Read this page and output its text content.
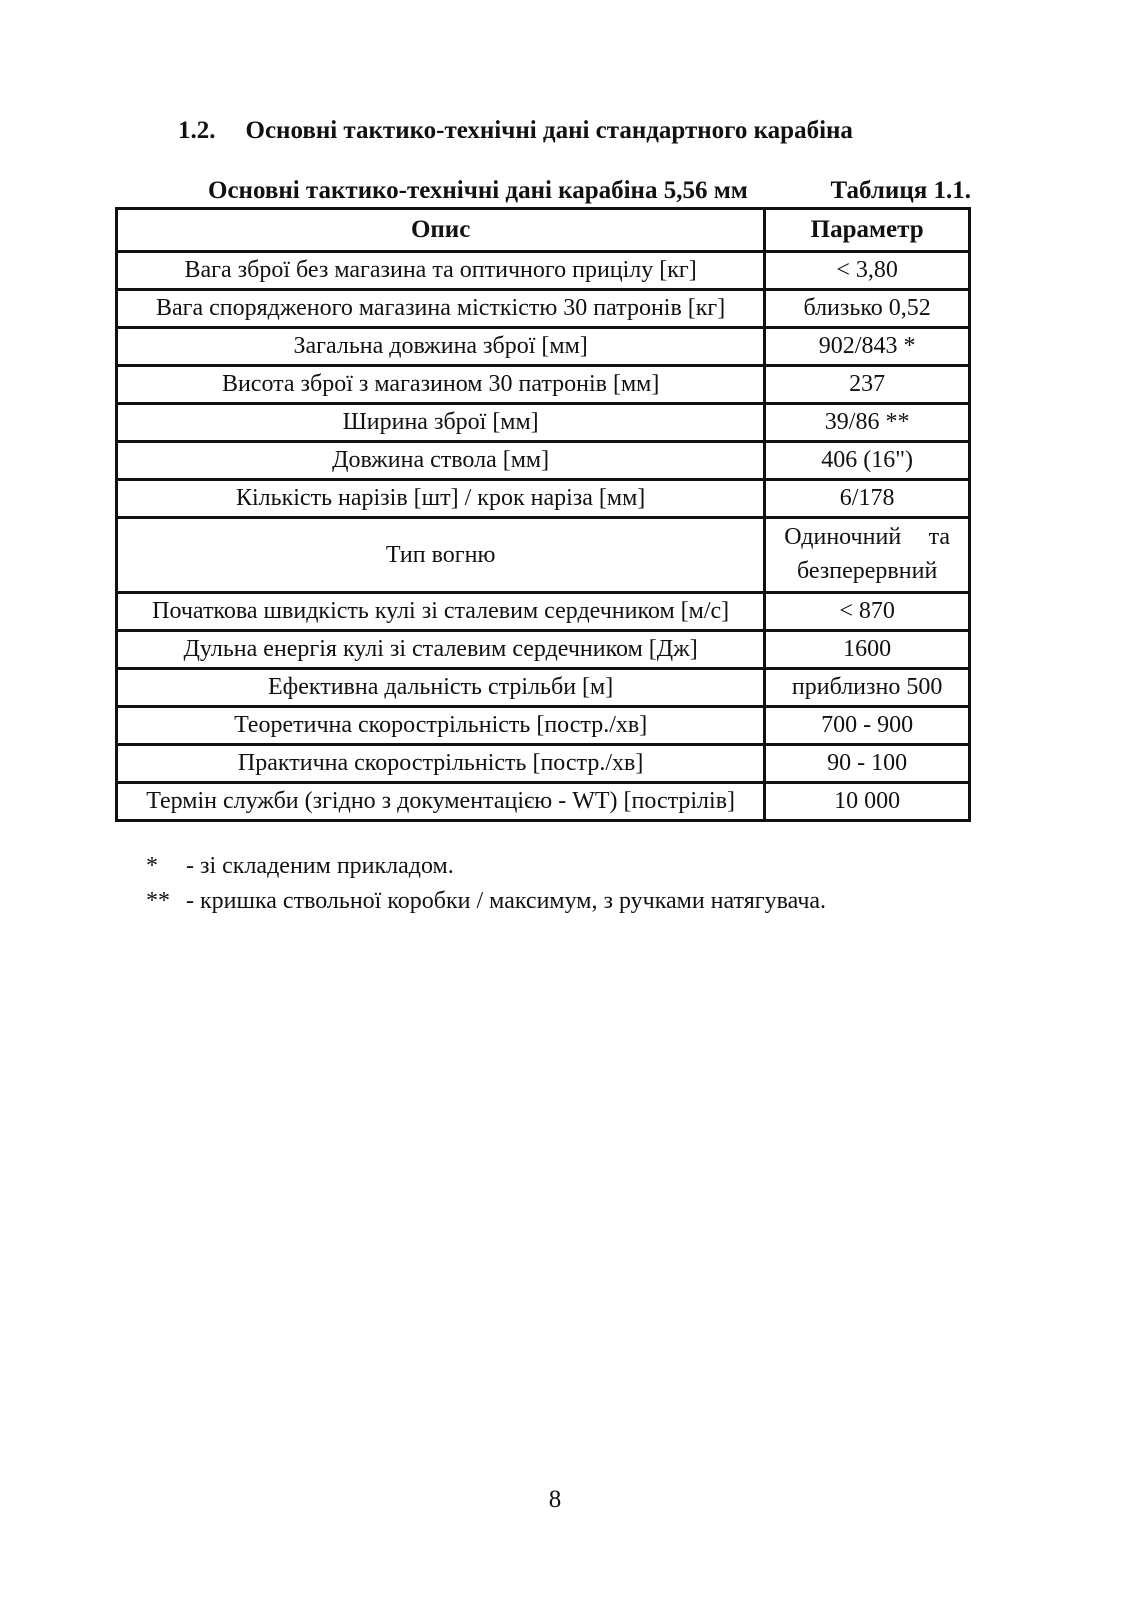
1.2. Основні тактико-технічні дані стандартного карабіна
Основні тактико-технічні дані карабіна 5,56 мм	Таблиця 1.1.
Опис	Параметр
Вага зброї без магазина та оптичного прицілу [кг]	< 3,80
Вага спорядженого магазина місткістю 30 патронів [кг]	близько 0,52
Загальна довжина зброї [мм]	902/843 *
Висота зброї з магазином 30 патронів [мм]	237
Ширина зброї [мм]	39/86 **
Довжина ствола [мм]	406 (16")
Кількість нарізів [шт] / крок наріза [мм]	6/178
Тип вогню	Одиночний та
безперервний

Початкова швидкість кулі зі сталевим сердечником [м/с]	< 870
Дульна енергія кулі зі сталевим сердечником [Дж]	1600
Ефективна дальність стрільби [м]	приблизно 500
Теоретична скорострільність [постр./хв]	700 - 900
Практична скорострільність [постр./хв]	90 - 100
Термін служби (згідно з документацією - WT) [пострілів]	10 000
*	- зі складеним прикладом.
** - кришка ствольної коробки / максимум, з ручками натягувача.
8
